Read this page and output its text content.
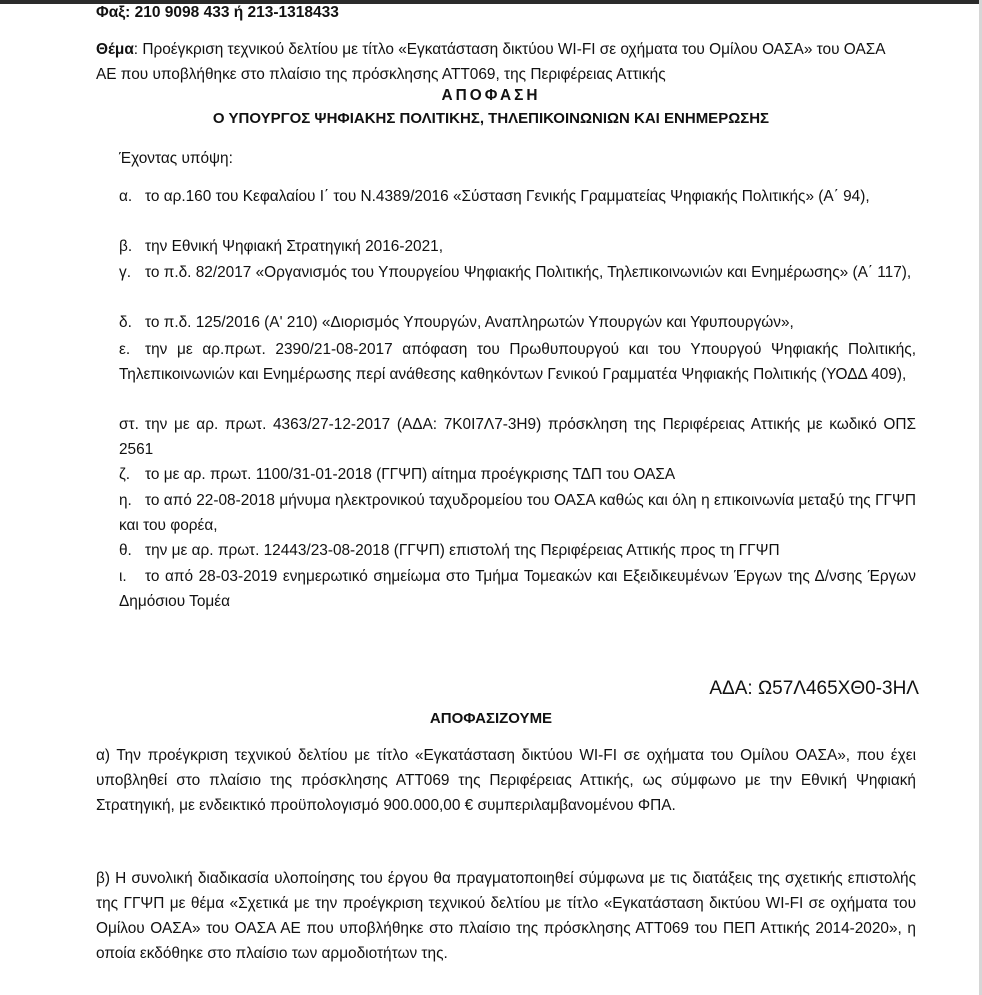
Φαξ: 210 9098 433 ή 213-1318433
Θέμα: Προέγκριση τεχνικού δελτίου με τίτλο «Εγκατάσταση δικτύου WI-FI σε οχήματα του Ομίλου ΟΑΣΑ» του ΟΑΣΑ ΑΕ που υποβλήθηκε στο πλαίσιο της πρόσκλησης ΑΤΤ069, της Περιφέρειας Αττικής
ΑΠΟΦΑΣΗ
Ο ΥΠΟΥΡΓΟΣ ΨΗΦΙΑΚΗΣ ΠΟΛΙΤΙΚΗΣ, ΤΗΛΕΠΙΚΟΙΝΩΝΙΩΝ ΚΑΙ ΕΝΗΜΕΡΩΣΗΣ
Έχοντας υπόψη:
α. το αρ.160 του Κεφαλαίου Ι΄ του Ν.4389/2016 «Σύσταση Γενικής Γραμματείας Ψηφιακής Πολιτικής» (Α΄ 94),
β. την Εθνική Ψηφιακή Στρατηγική 2016-2021,
γ. το π.δ. 82/2017 «Οργανισμός του Υπουργείου Ψηφιακής Πολιτικής, Τηλεπικοινωνιών και Ενημέρωσης» (Α΄ 117),
δ. το π.δ. 125/2016 (Α' 210) «Διορισμός Υπουργών, Αναπληρωτών Υπουργών και Υφυπουργών»,
ε. την με αρ.πρωτ. 2390/21-08-2017 απόφαση του Πρωθυπουργού και του Υπουργού Ψηφιακής Πολιτικής, Τηλεπικοινωνιών και Ενημέρωσης περί ανάθεσης καθηκόντων Γενικού Γραμματέα Ψηφιακής Πολιτικής (ΥΟΔΔ 409),
στ. την με αρ. πρωτ. 4363/27-12-2017 (ΑΔΑ: 7Κ0Ι7Λ7-3Η9) πρόσκληση της Περιφέρειας Αττικής με κωδικό ΟΠΣ 2561
ζ. το με αρ. πρωτ. 1100/31-01-2018 (ΓΓΨΠ) αίτημα προέγκρισης ΤΔΠ του ΟΑΣΑ
η. το από 22-08-2018 μήνυμα ηλεκτρονικού ταχυδρομείου του ΟΑΣΑ καθώς και όλη η επικοινωνία μεταξύ της ΓΓΨΠ και του φορέα,
θ. την με αρ. πρωτ. 12443/23-08-2018 (ΓΓΨΠ) επιστολή της Περιφέρειας Αττικής προς τη ΓΓΨΠ
ι. το από 28-03-2019 ενημερωτικό σημείωμα στο Τμήμα Τομεακών και Εξειδικευμένων Έργων της Δ/νσης Έργων Δημόσιου Τομέα
ΑΔΑ: Ω57Λ465ΧΘ0-3ΗΛ
ΑΠΟΦΑΣΙΖΟΥΜΕ
α) Την προέγκριση τεχνικού δελτίου με τίτλο «Εγκατάσταση δικτύου WI-FI σε οχήματα του Ομίλου ΟΑΣΑ», που έχει υποβληθεί στο πλαίσιο της πρόσκλησης ΑΤΤ069 της Περιφέρειας Αττικής, ως σύμφωνο με την Εθνική Ψηφιακή Στρατηγική, με ενδεικτικό προϋπολογισμό 900.000,00 € συμπεριλαμβανομένου ΦΠΑ.
β) Η συνολική διαδικασία υλοποίησης του έργου θα πραγματοποιηθεί σύμφωνα με τις διατάξεις της σχετικής επιστολής της ΓΓΨΠ με θέμα «Σχετικά με την προέγκριση τεχνικού δελτίου με τίτλο «Εγκατάσταση δικτύου WI-FI σε οχήματα του Ομίλου ΟΑΣΑ» του ΟΑΣΑ ΑΕ που υποβλήθηκε στο πλαίσιο της πρόσκλησης ΑΤΤ069 του ΠΕΠ Αττικής 2014-2020», η οποία εκδόθηκε στο πλαίσιο των αρμοδιοτήτων της.
